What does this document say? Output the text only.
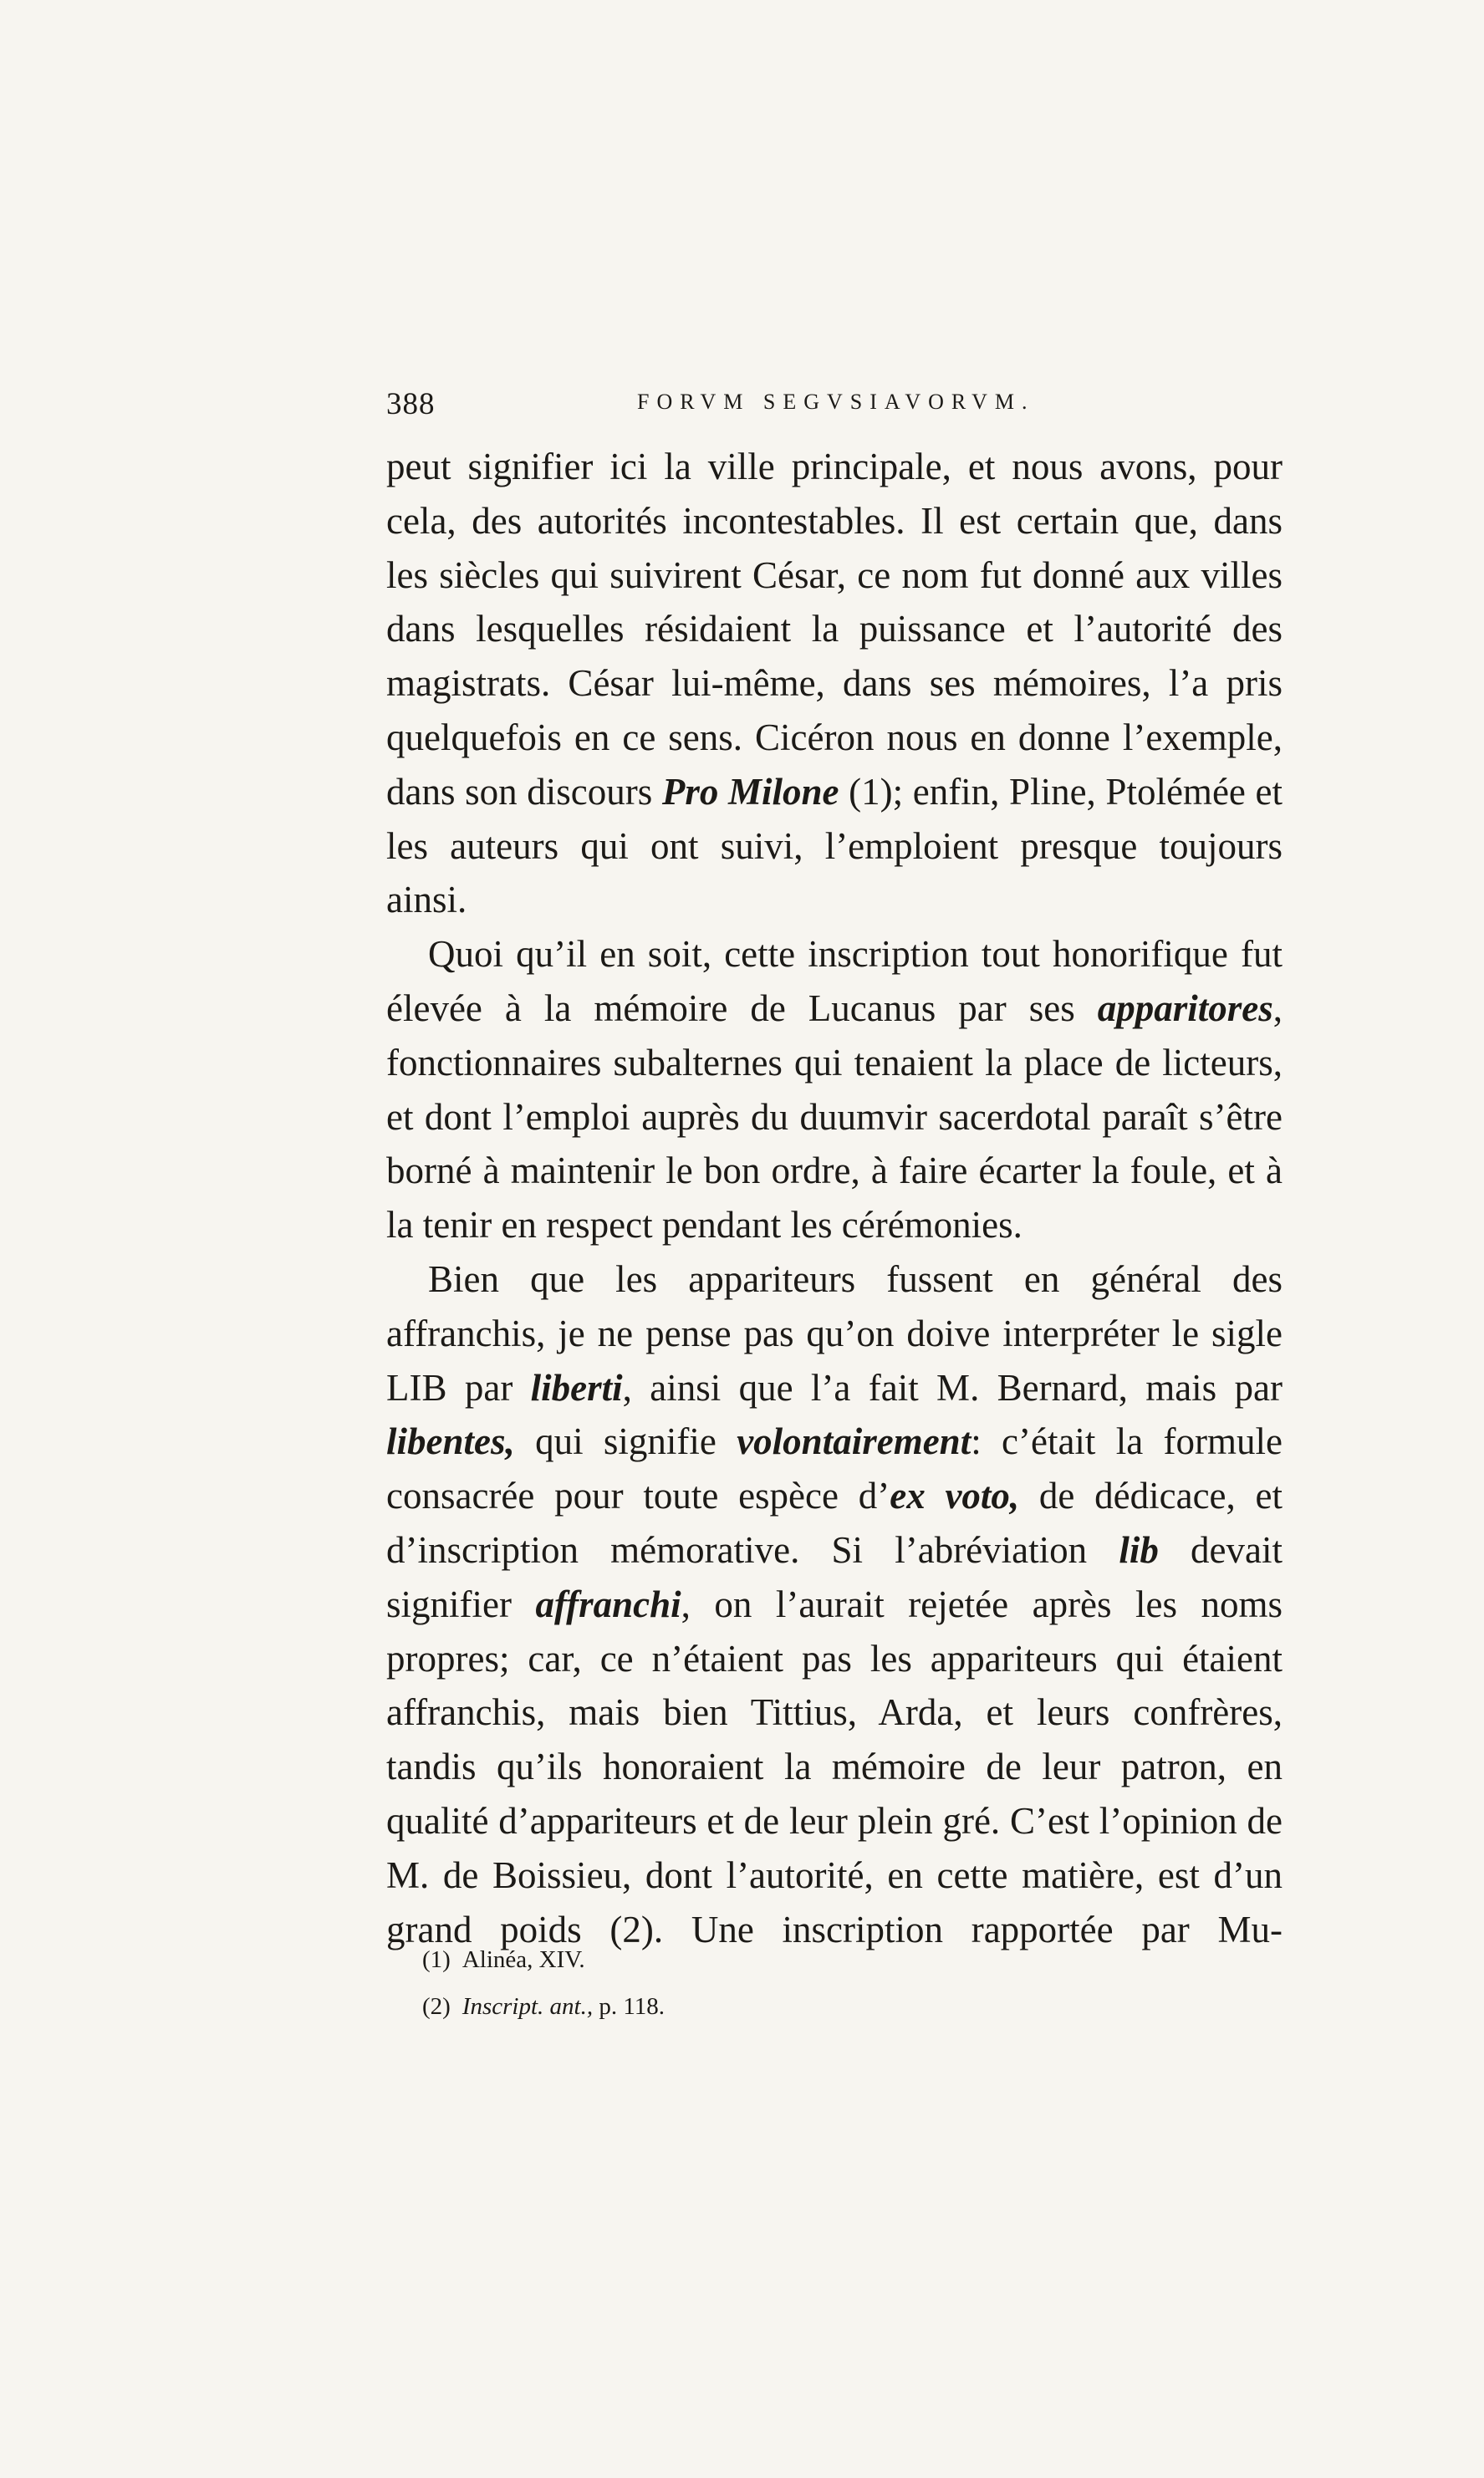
388	FORVM SEGVSIAVORVM.

peut signifier ici la ville principale, et nous avons, pour cela, des autorités incontestables. Il est certain que, dans les siècles qui suivirent César, ce nom fut donné aux villes dans lesquelles résidaient la puissance et l’autorité des magistrats. César lui-même, dans ses mémoires, l’a pris quelquefois en ce sens. Cicéron nous en donne l’exemple, dans son discours Pro Milone (1); enfin, Pline, Ptolémée et les auteurs qui ont suivi, l’emploient presque toujours ainsi.

Quoi qu’il en soit, cette inscription tout honorifique fut élevée à la mémoire de Lucanus par ses apparitores, fonctionnaires subalternes qui tenaient la place de licteurs, et dont l’emploi auprès du duumvir sacerdotal paraît s’être borné à maintenir le bon ordre, à faire écarter la foule, et à la tenir en respect pendant les cérémonies.

Bien que les appariteurs fussent en général des affranchis, je ne pense pas qu’on doive interpréter le sigle LIB par liberti, ainsi que l’a fait M. Bernard, mais par libentes, qui signifie volontairement: c’était la formule consacrée pour toute espèce d’ex voto, de dédicace, et d’inscription mémorative. Si l’abréviation lib devait signifier affranchi, on l’aurait rejetée après les noms propres; car, ce n’étaient pas les appariteurs qui étaient affranchis, mais bien Tittius, Arda, et leurs confrères, tandis qu’ils honoraient la mémoire de leur patron, en qualité d’appariteurs et de leur plein gré. C’est l’opinion de M. de Boissieu, dont l’autorité, en cette matière, est d’un grand poids (2). Une inscription rapportée par Mu-

(1) Alinéa, XIV.
(2) Inscript. ant., p. 118.
